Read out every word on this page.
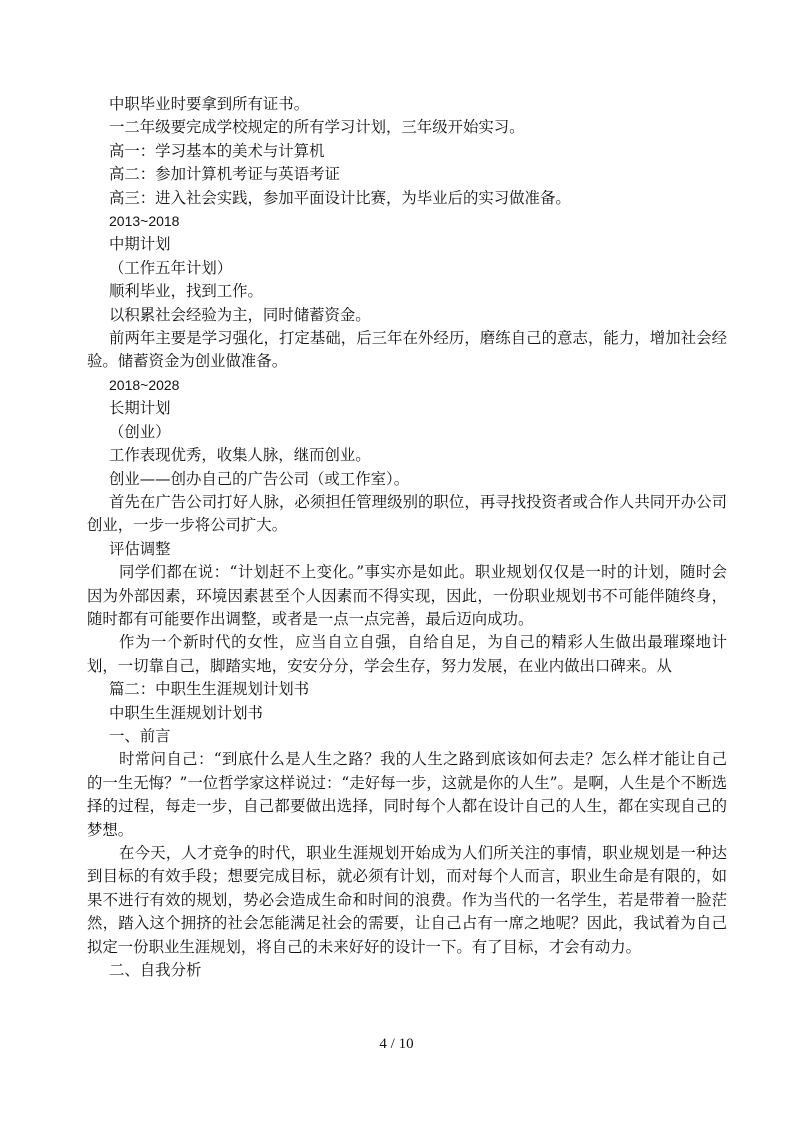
中职毕业时要拿到所有证书。

一二年级要完成学校规定的所有学习计划，三年级开始实习。

高一：学习基本的美术与计算机

高二：参加计算机考证与英语考证

高三：进入社会实践，参加平面设计比赛，为毕业后的实习做准备。

2013~2018

中期计划

（工作五年计划）

顺利毕业，找到工作。

以积累社会经验为主，同时储蓄资金。

前两年主要是学习强化，打定基础，后三年在外经历，磨练自己的意志，能力，增加社会经验。储蓄资金为创业做准备。

2018~2028

长期计划

（创业）

工作表现优秀，收集人脉，继而创业。

创业——创办自己的广告公司（或工作室）。

首先在广告公司打好人脉，必须担任管理级别的职位，再寻找投资者或合作人共同开办公司创业，一步一步将公司扩大。

评估调整

同学们都在说：“计划赶不上变化。”事实亦是如此。职业规划仅仅是一时的计划，随时会因为外部因素，环境因素甚至个人因素而不得实现，因此，一份职业规划书不可能伴随终身，随时都有可能要作出调整，或者是一点一点完善，最后迈向成功。

作为一个新时代的女性，应当自立自强，自给自足，为自己的精彩人生做出最璀璨地计划，一切靠自己，脚踏实地，安安分分，学会生存，努力发展，在业内做出口碑来。从

篇二：中职生生涯规划计划书

中职生生涯规划计划书

一、前言

时常问自己：“到底什么是人生之路？我的人生之路到底该如何去走？怎么样才能让自己的一生无悔？”一位哲学家这样说过：“走好每一步，这就是你的人生”。是啊，人生是个不断选择的过程，每走一步，自己都要做出选择，同时每个人都在设计自己的人生，都在实现自己的梦想。

在今天，人才竞争的时代，职业生涯规划开始成为人们所关注的事情，职业规划是一种达到目标的有效手段；想要完成目标，就必须有计划，而对每个人而言，职业生命是有限的，如果不进行有效的规划，势必会造成生命和时间的浪费。作为当代的一名学生，若是带着一脸茫然，踏入这个拥挤的社会怎能满足社会的需要，让自己占有一席之地呢？因此，我试着为自己拟定一份职业生涯规划，将自己的未来好好的设计一下。有了目标，才会有动力。

二、自我分析

4 / 10
